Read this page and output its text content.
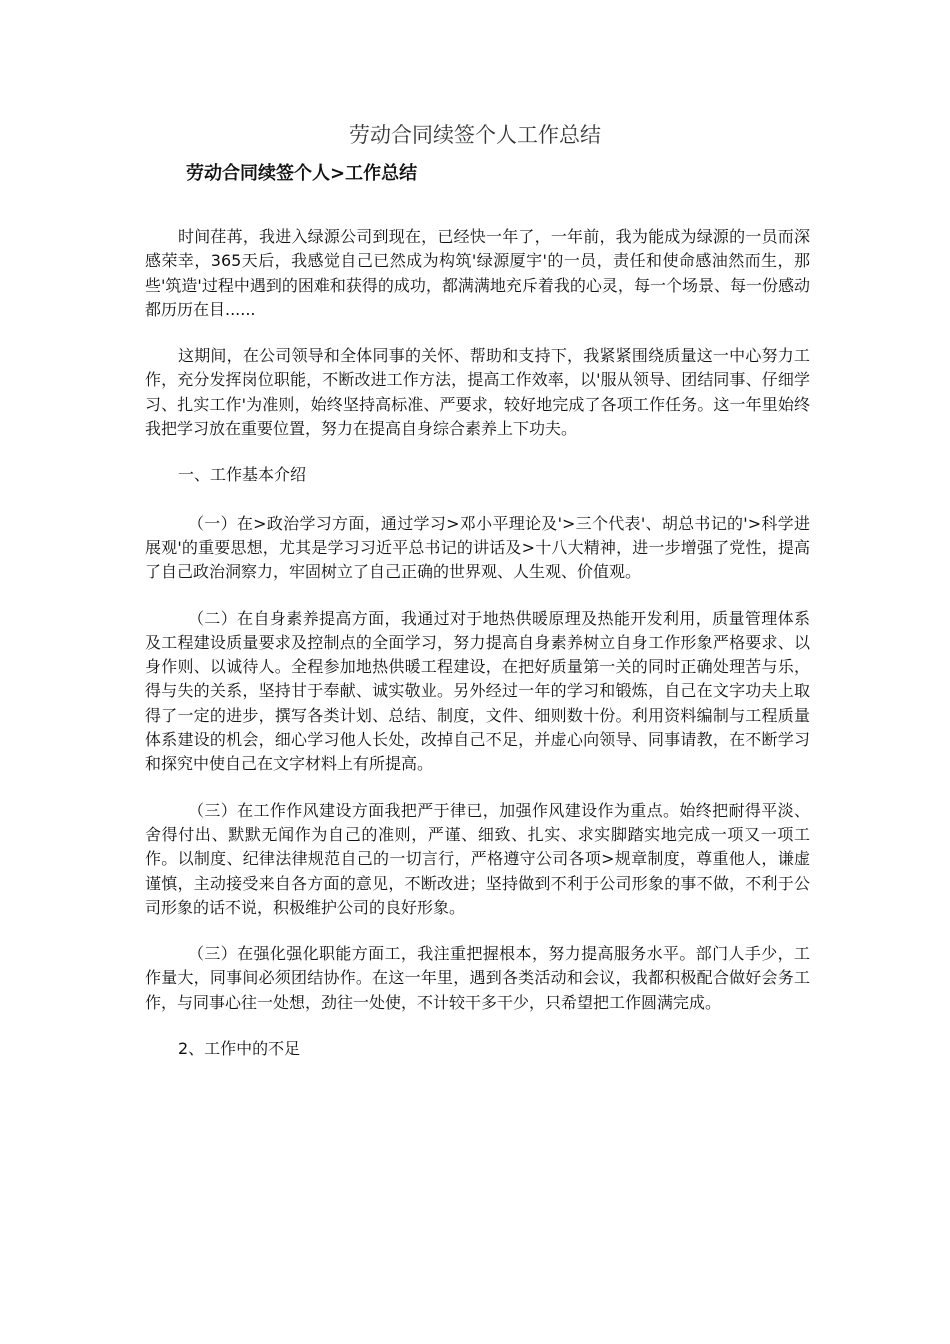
劳动合同续签个人工作总结
劳动合同续签个人>工作总结

时间荏苒，我进入绿源公司到现在，已经快一年了，一年前，我为能成为绿源的一员而深感荣幸，365天后，我感觉自己已然成为构筑'绿源厦宇'的一员，责任和使命感油然而生，那些'筑造'过程中遇到的困难和获得的成功，都满满地充斥着我的心灵，每一个场景、每一份感动都历历在目......

这期间，在公司领导和全体同事的关怀、帮助和支持下，我紧紧围绕质量这一中心努力工作，充分发挥岗位职能，不断改进工作方法，提高工作效率，以'服从领导、团结同事、仔细学习、扎实工作'为准则，始终坚持高标准、严要求，较好地完成了各项工作任务。这一年里始终我把学习放在重要位置，努力在提高自身综合素养上下功夫。

一、工作基本介绍

（一）在>政治学习方面，通过学习>邓小平理论及'>三个代表'、胡总书记的'>科学进展观'的重要思想，尤其是学习习近平总书记的讲话及>十八大精神，进一步增强了党性，提高了自己政治洞察力，牢固树立了自己正确的世界观、人生观、价值观。

（二）在自身素养提高方面，我通过对于地热供暖原理及热能开发利用，质量管理体系及工程建设质量要求及控制点的全面学习，努力提高自身素养树立自身工作形象严格要求、以身作则、以诚待人。全程参加地热供暖工程建设，在把好质量第一关的同时正确处理苦与乐，得与失的关系，坚持甘于奉献、诚实敬业。另外经过一年的学习和锻炼，自己在文字功夫上取得了一定的进步，撰写各类计划、总结、制度，文件、细则数十份。利用资料编制与工程质量体系建设的机会，细心学习他人长处，改掉自己不足，并虚心向领导、同事请教，在不断学习和探究中使自己在文字材料上有所提高。

（三）在工作作风建设方面我把严于律已，加强作风建设作为重点。始终把耐得平淡、舍得付出、默默无闻作为自己的准则，严谨、细致、扎实、求实脚踏实地完成一项又一项工作。以制度、纪律法律规范自己的一切言行，严格遵守公司各项>规章制度，尊重他人，谦虚谨慎，主动接受来自各方面的意见，不断改进；坚持做到不利于公司形象的事不做，不利于公司形象的话不说，积极维护公司的良好形象。

（三）在强化强化职能方面工，我注重把握根本，努力提高服务水平。部门人手少，工作量大，同事间必须团结协作。在这一年里，遇到各类活动和会议，我都积极配合做好会务工作，与同事心往一处想，劲往一处使，不计较干多干少，只希望把工作圆满完成。

2、工作中的不足
